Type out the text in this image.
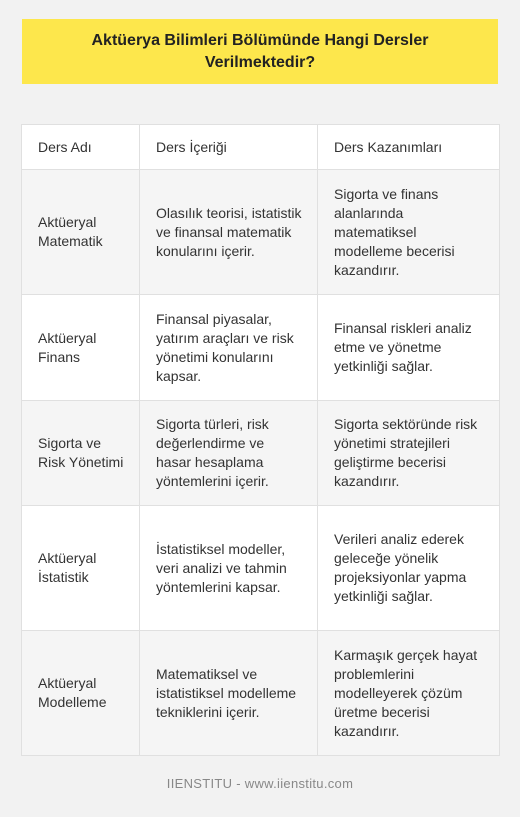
Aktüerya Bilimleri Bölümünde Hangi Dersler Verilmektedir?
Ders Adı	Ders İçeriği	Ders Kazanımları
Aktüeryal Matematik	Olasılık teorisi, istatistik ve finansal matematik konularını içerir.	Sigorta ve finans alanlarında matematiksel modelleme becerisi kazandırır.
Aktüeryal Finans	Finansal piyasalar, yatırım araçları ve risk yönetimi konularını kapsar.	Finansal riskleri analiz etme ve yönetme yetkinliği sağlar.
Sigorta ve Risk Yönetimi	Sigorta türleri, risk değerlendirme ve hasar hesaplama yöntemlerini içerir.	Sigorta sektöründe risk yönetimi stratejileri geliştirme becerisi kazandırır.
Aktüeryal İstatistik	İstatistiksel modeller, veri analizi ve tahmin yöntemlerini kapsar.	Verileri analiz ederek geleceğe yönelik projeksiyonlar yapma yetkinliği sağlar.
Aktüeryal Modelleme	Matematiksel ve istatistiksel modelleme tekniklerini içerir.	Karmaşık gerçek hayat problemlerini modelleyerek çözüm üretme becerisi kazandırır.
IIENSTITU - www.iienstitu.com
